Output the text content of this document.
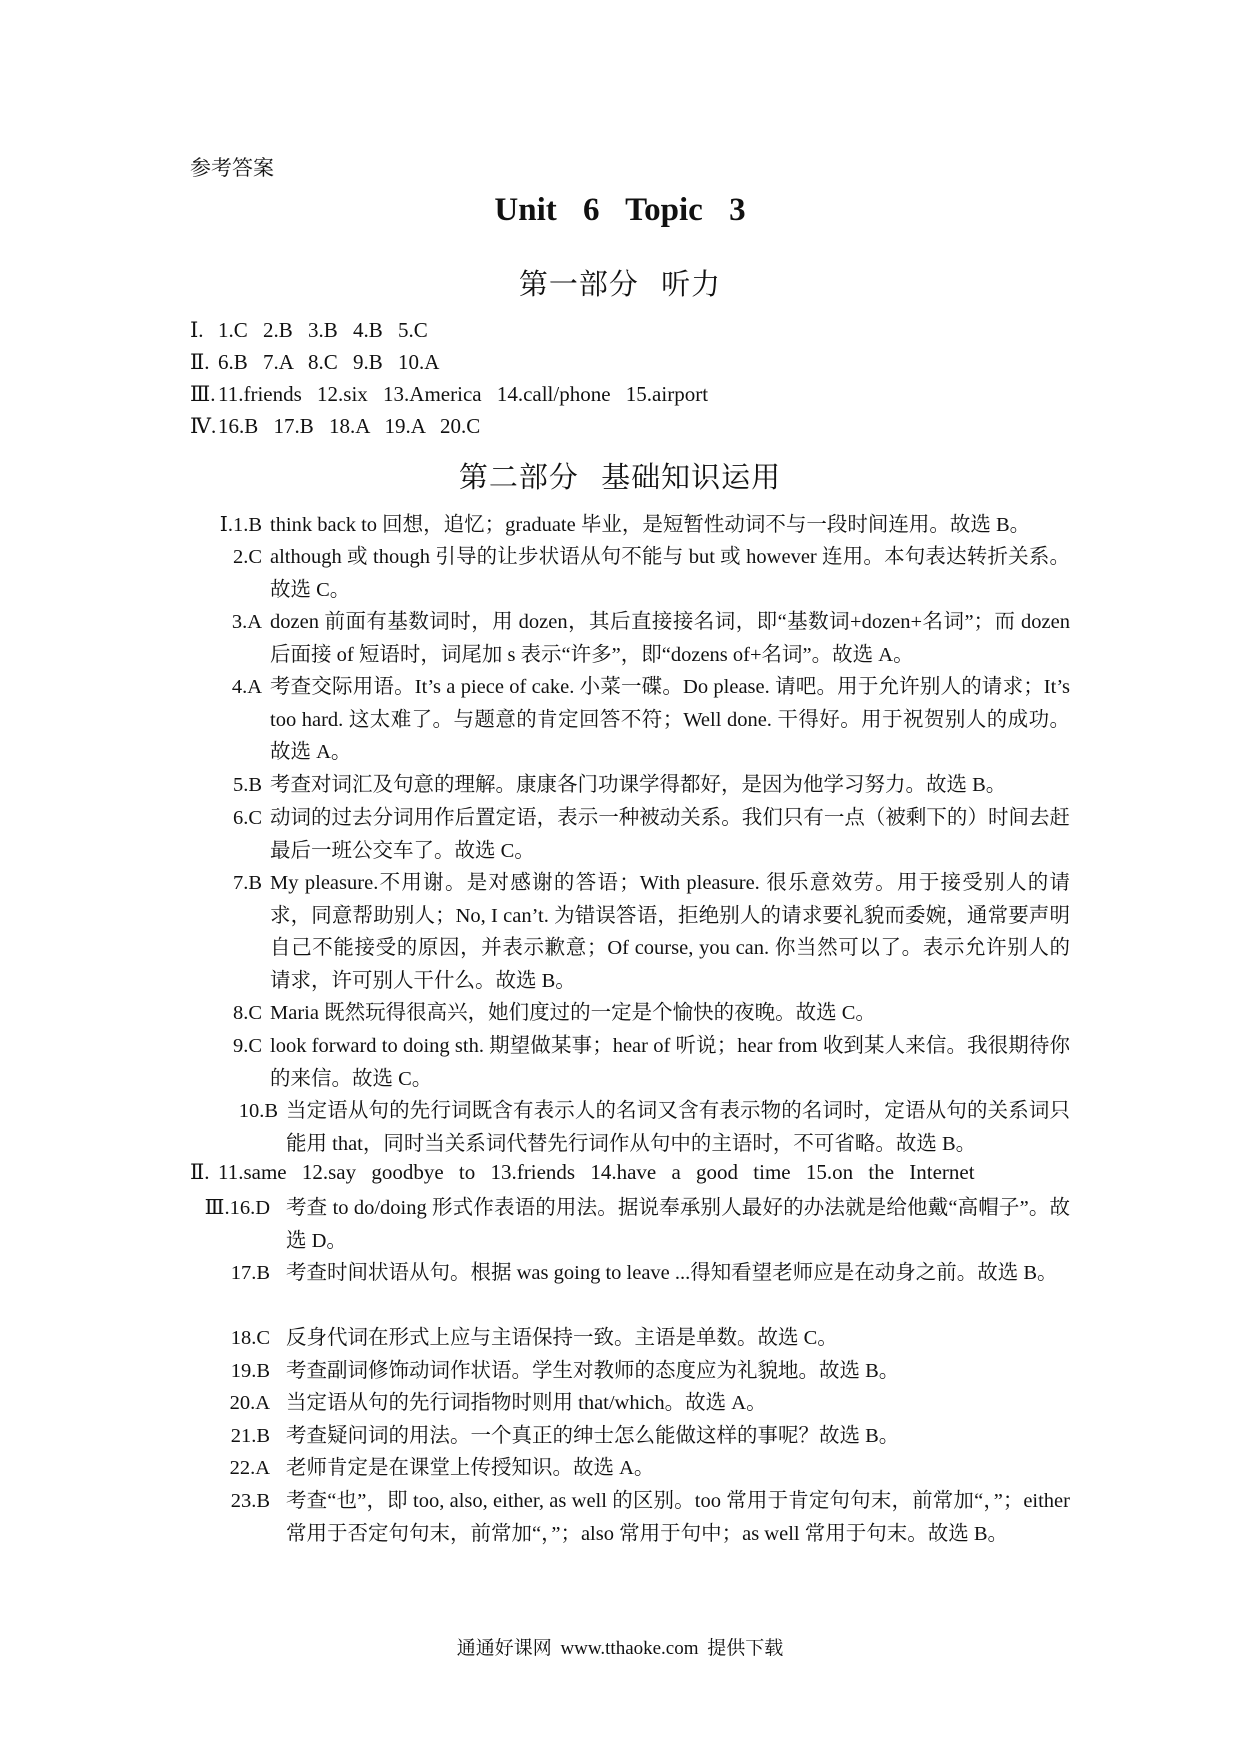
参考答案
Unit 6 Topic 3
第一部分 听力
Ⅰ. 1.C 2.B 3.B 4.B 5.C
Ⅱ. 6.B 7.A 8.C 9.B 10.A
Ⅲ. 11.friends 12.six 13.America 14.call/phone 15.airport
Ⅳ.16.B 17.B 18.A 19.A 20.C
第二部分 基础知识运用
Ⅰ.1.B think back to 回想，追忆；graduate 毕业，是短暂性动词不与一段时间连用。故选 B。
2.C although 或 though 引导的让步状语从句不能与 but 或 however 连用。本句表达转折关系。故选 C。
3.A dozen 前面有基数词时，用 dozen，其后直接接名词，即“基数词+dozen+名词”；而 dozen 后面接 of 短语时，词尾加 s 表示“许多”，即“dozens of+名词”。故选 A。
4.A 考查交际用语。It’s a piece of cake. 小菜一碟。Do please. 请吧。用于允许别人的请求；It’s too hard. 这太难了。与题意的肯定回答不符；Well done. 干得好。用于祝贺别人的成功。故选 A。
5.B 考查对词汇及句意的理解。康康各门功课学得都好，是因为他学习努力。故选 B。
6.C 动词的过去分词用作后置定语，表示一种被动关系。我们只有一点（被剩下的）时间去赶最后一班公交车了。故选 C。
7.B My pleasure.不用谢。是对感谢的答语；With pleasure. 很乐意效劳。用于接受别人的请求，同意帮助别人；No, I can’t. 为错误答语，拒绝别人的请求要礼貌而委婉，通常要声明自己不能接受的原因，并表示歉意；Of course, you can. 你当然可以了。表示允许别人的请求，许可别人干什么。故选 B。
8.C Maria 既然玩得很高兴，她们度过的一定是个愉快的夜晚。故选 C。
9.C look forward to doing sth. 期望做某事；hear of 听说；hear from 收到某人来信。我很期待你的来信。故选 C。
10.B 当定语从句的先行词既含有表示人的名词又含有表示物的名词时，定语从句的关系词只能用 that，同时当关系词代替先行词作从句中的主语时，不可省略。故选 B。
Ⅱ. 11.same 12.say goodbye to 13.friends 14.have a good time 15.on the Internet
Ⅲ.16.D 考查 to do/doing 形式作表语的用法。据说奉承别人最好的办法就是给他戴“高帽子”。故选 D。
17.B 考查时间状语从句。根据 was going to leave ...得知看望老师应是在动身之前。故选 B。
18.C 反身代词在形式上应与主语保持一致。主语是单数。故选 C。
19.B 考查副词修饰动词作状语。学生对教师的态度应为礼貌地。故选 B。
20.A 当定语从句的先行词指物时则用 that/which。故选 A。
21.B 考查疑问词的用法。一个真正的绅士怎么能做这样的事呢？故选 B。
22.A 老师肯定是在课堂上传授知识。故选 A。
23.B 考查“也”，即 too, also, either, as well 的区别。too 常用于肯定句句末，前常加“，”；either 常用于否定句句末，前常加“，”；also 常用于句中；as well 常用于句末。故选 B。
通通好课网 www.tthaoke.com 提供下载
